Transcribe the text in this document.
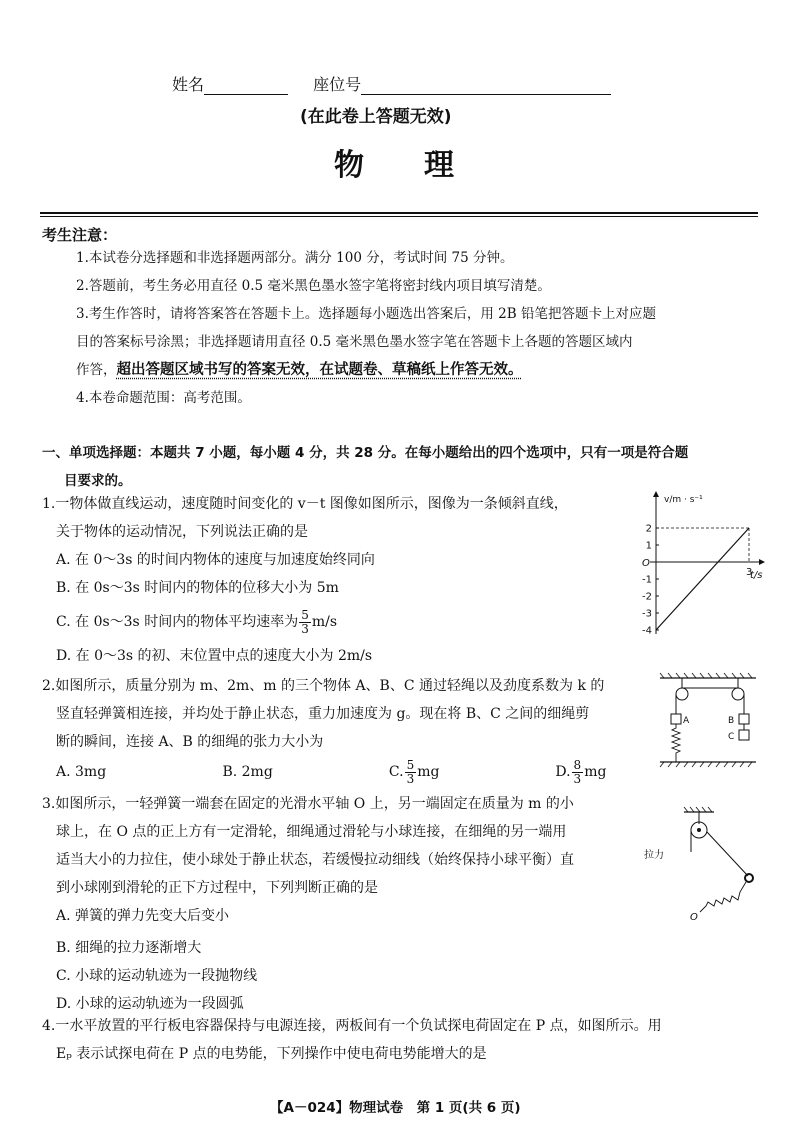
姓名	座位号
(在此卷上答题无效)
物　　理
考生注意：
1.本试卷分选择题和非选择题两部分。满分 100 分，考试时间 75 分钟。
2.答题前，考生务必用直径 0.5 毫米黑色墨水签字笔将密封线内项目填写清楚。
3.考生作答时，请将答案答在答题卡上。选择题每小题选出答案后，用 2B 铅笔把答题卡上对应题
目的答案标号涂黑；非选择题请用直径 0.5 毫米黑色墨水签字笔在答题卡上各题的答题区域内
作答，超出答题区域书写的答案无效，在试题卷、草稿纸上作答无效。
4.本卷命题范围：高考范围。
一、单项选择题：本题共 7 小题，每小题 4 分，共 28 分。在每小题给出的四个选项中，只有一项是符合题
目要求的。
1.一物体做直线运动，速度随时间变化的 v－t 图像如图所示，图像为一条倾斜直线，
关于物体的运动情况，下列说法正确的是
A. 在 0～3s 的时间内物体的速度与加速度始终同向
B. 在 0s～3s 时间内的物体的位移大小为 5m
C. 在 0s～3s 时间内的物体平均速率为 $\frac{5}{3} m/s$
D. 在 0～3s 的初、末位置中点的速度大小为 2m/s
v/m · s⁻¹
t/s
O
2
1
-1
-2
-3
-4
3
2.如图所示，质量分别为 m、2m、m 的三个物体 A、B、C 通过轻绳以及劲度系数为 k 的
竖直轻弹簧相连接，并均处于静止状态，重力加速度为 g。现在将 B、C 之间的细绳剪
断的瞬间，连接 A、B 的细绳的张力大小为
A. 3mg	B. 2mg	C. $\frac{5}{3}$ mg	D. $\frac{8}{3}$ mg
A	B
C
3.如图所示，一轻弹簧一端套在固定的光滑水平轴 O 上，另一端固定在质量为 m 的小
球上，在 O 点的正上方有一定滑轮，细绳通过滑轮与小球连接，在细绳的另一端用
适当大小的力拉住，使小球处于静止状态，若缓慢拉动细线（始终保持小球平衡）直
到小球刚到滑轮的正下方过程中，下列判断正确的是
A. 弹簧的弹力先变大后变小
B. 细绳的拉力逐渐增大
C. 小球的运动轨迹为一段抛物线
D. 小球的运动轨迹为一段圆弧
拉力
O
4.一水平放置的平行板电容器保持与电源连接，两板间有一个负试探电荷固定在 P 点，如图所示。用
Eₚ 表示试探电荷在 P 点的电势能，下列操作中使电荷电势能增大的是
【A－024】物理试卷　第 1 页(共 6 页)
